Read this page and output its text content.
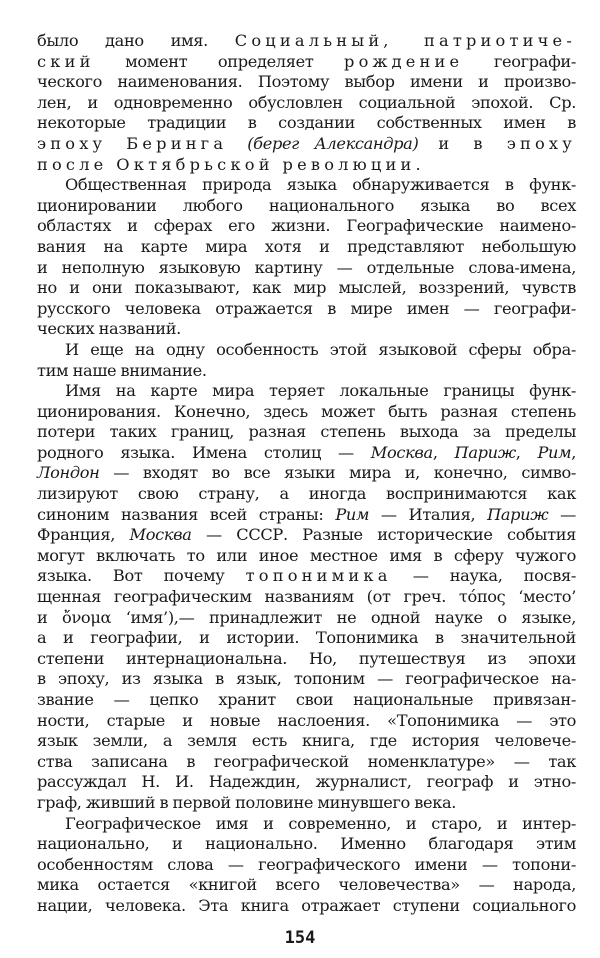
было дано имя. Социальный, патриотиче-
ский момент определяет рождение географи-
ческого наименования. Поэтому выбор имени и произво-
лен, и одновременно обусловлен социальной эпохой. Ср.
некоторые традиции в создании собственных имен в
эпоху Беринга (берег Александра) и в эпоху
после Октябрьской революции.
Общественная природа языка обнаруживается в функ-
ционировании любого национального языка во всех
областях и сферах его жизни. Географические наимено-
вания на карте мира хотя и представляют небольшую
и неполную языковую картину — отдельные слова-имена,
но и они показывают, как мир мыслей, воззрений, чувств
русского человека отражается в мире имен — географи-
ческих названий.
И еще на одну особенность этой языковой сферы обра-
тим наше внимание.
Имя на карте мира теряет локальные границы функ-
ционирования. Конечно, здесь может быть разная степень
потери таких границ, разная степень выхода за пределы
родного языка. Имена столиц — Москва, Париж, Рим,
Лондон — входят во все языки мира и, конечно, симво-
лизируют свою страну, а иногда воспринимаются как
синоним названия всей страны: Рим — Италия, Париж —
Франция, Москва — СССР. Разные исторические события
могут включать то или иное местное имя в сферу чужого
языка. Вот почему топонимика — наука, посвя-
щенная географическим названиям (от греч. τόπος ‘место’
и ὄνομα ‘имя’),— принадлежит не одной науке о языке,
а и географии, и истории. Топонимика в значительной
степени интернациональна. Но, путешествуя из эпохи
в эпоху, из языка в язык, топоним — географическое на-
звание — цепко хранит свои национальные привязан-
ности, старые и новые наслоения. «Топонимика — это
язык земли, а земля есть книга, где история человече-
ства записана в географической номенклатуре» — так
рассуждал Н. И. Надеждин, журналист, географ и этно-
граф, живший в первой половине минувшего века.
Географическое имя и современно, и старо, и интер-
национально, и национально. Именно благодаря этим
особенностям слова — географического имени — топони-
мика остается «книгой всего человечества» — народа,
нации, человека. Эта книга отражает ступени социального
154
